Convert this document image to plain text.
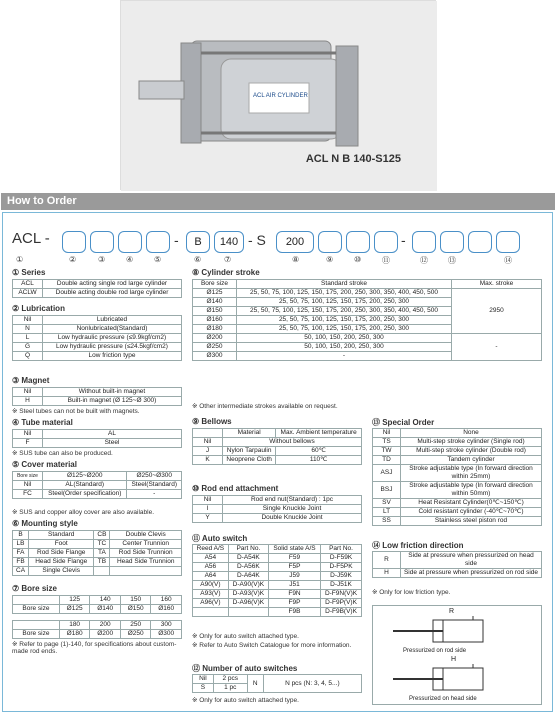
ACL AIR CYLINDER
ACL N B 140-S125
How to Order
ACL -	-	B	140 - S	200	-
①	②	③	④	⑤	⑥	⑦	⑧	⑨	⑩	⑪	⑫	⑬	⑭
① Series
ACL	Double acting single rod large cylinder
ACLW	Double acting double rod large cylinder
② Lubrication
Nil	Lubricated
N	Nonlubricated(Standard)
L	Low hydraulic pressure (≤9.9kgf/cm2)
G	Low hydraulic pressure (≤24.5kgf/cm2)
Q	Low friction type
③ Magnet
Nil	Without built-in magnet
H	Built-in magnet (Ø 125~Ø 300)
※ Steel tubes can not be built with magnets.
④ Tube material
Nil	AL
F	Steel
※ SUS tube can also be produced.
⑤ Cover material
Bore size	Ø125~Ø200	Ø250~Ø300
Nil	AL(Standard)	Steel(Standard)
FC	Steel(Order specification)	-
※ SUS and copper alloy cover are also available.
⑥ Mounting style
B	Standard	CB	Double Clevis
LB	Foot	TC	Center Trunnion
FA	Rod Side Flange	TA	Rod Side Trunnion
FB	Head Side Flange	TB	Head Side Trunnion
CA	Single Clevis		
⑦ Bore size
	125	140	150	160
Bore size	Ø125	Ø140	Ø150	Ø160
	180	200	250	300
Bore size	Ø180	Ø200	Ø250	Ø300
※ Refer to page (1)-140, for specifications about custom-made rod ends.
⑧ Cylinder stroke
Bore size	Standard stroke	Max. stroke
Ø125	25, 50, 75, 100, 125, 150, 175, 200, 250, 300, 350, 400, 450, 500	2950
Ø140	25, 50, 75, 100, 125, 150, 175, 200, 250, 300	
Ø150	25, 50, 75, 100, 125, 150, 175, 200, 250, 300, 350, 400, 450, 500	
Ø160	25, 50, 75, 100, 125, 150, 175, 200, 250, 300	
Ø180	25, 50, 75, 100, 125, 150, 175, 200, 250, 300	
Ø200	50, 100, 150, 200, 250, 300	-
Ø250	50, 100, 150, 200, 250, 300	
Ø300	-	
※ Other intermediate strokes available on request.
⑨ Bellows
	Material	Max. Ambient temperature
Nil	Without bellows	
J	Nylon Tarpaulin	60℃
K	Neoprene Cloth	110℃
⑩ Rod end attachment
Nil	Rod end nut(Standard) : 1pc
I	Single Knuckle Joint
Y	Double Knuckle Joint
⑪ Auto switch
Reed A/S	Part No.	Solid state A/S	Part No.
A54	D-A54K	F59	D-F59K
A56	D-A56K	F5P	D-F5PK
A64	D-A64K	J59	D-J59K
A90(V)	D-A90(V)K	J51	D-J51K
A93(V)	D-A93(V)K	F9N	D-F9N(V)K
A96(V)	D-A96(V)K	F9P	D-F9P(V)K
		F9B	D-F9B(V)K
※ Only for auto switch attached type.
※ Refer to Auto Switch Catalogue for more information.
⑫ Number of auto switches
Nil	2 pcs	N	N pcs (N: 3, 4, 5...)
S	1 pc		
※ Only for auto switch attached type.
⑬ Special Order
Nil	None
TS	Multi-step stroke cylinder (Single rod)
TW	Multi-step stroke cylinder (Double rod)
TD	Tandem cylinder
ASJ	Stroke adjustable type (In forward direction within 25mm)
BSJ	Stroke adjustable type (In forward direction within 50mm)
SV	Heat Resistant Cylinder(0℃~150℃)
LT	Cold resistant cylinder (-40℃~70℃)
SS	Stainless steel piston rod
⑭ Low friction direction
R	Side at pressure when pressurized on head side
H	Side at pressure when pressurized on rod side
※ Only for low friction type.
R
Pressurized on rod side
H
Pressurized on head side
